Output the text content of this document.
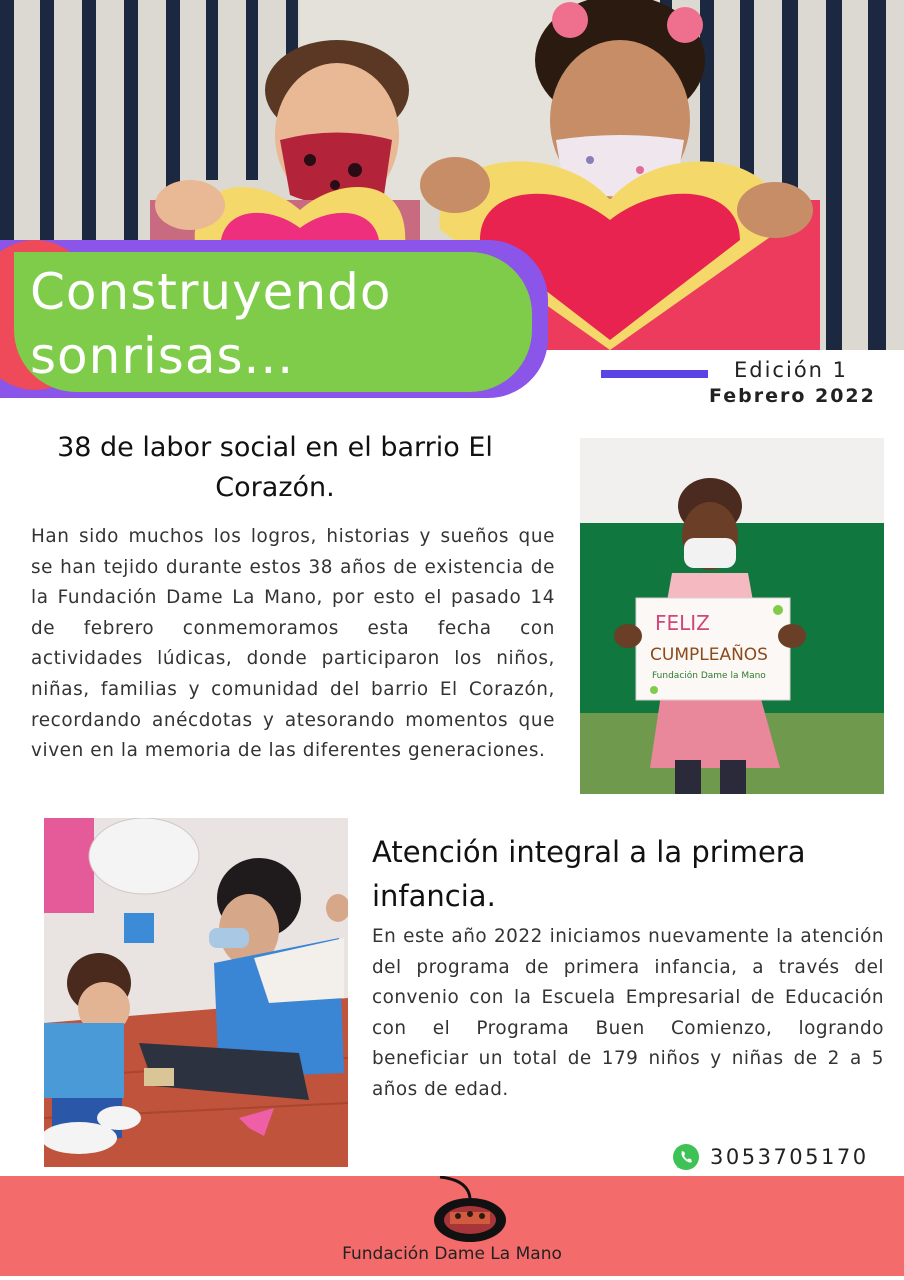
Construyendo
sonrisas...	Edición 1
Febrero 2022
38 de labor social en el barrio El Corazón.

Han sido muchos los logros, historias y sueños que se han tejido durante estos 38 años de existencia de la Fundación Dame La Mano, por esto el pasado 14 de febrero conmemoramos esta fecha con actividades lúdicas, donde participaron los niños, niñas, familias y comunidad del barrio El Corazón, recordando anécdotas y atesorando momentos que viven en la memoria de las diferentes generaciones.

FELIZ
CUMPLEAÑOS
Fundación Dame la Mano
Atención integral a la primera infancia.

En este año 2022 iniciamos nuevamente la atención del programa de primera infancia, a través del convenio con la Escuela Empresarial de Educación con el Programa Buen Comienzo, logrando beneficiar un total de 179 niños y niñas de 2 a 5 años de edad.

3053705170
Fundación Dame La Mano
